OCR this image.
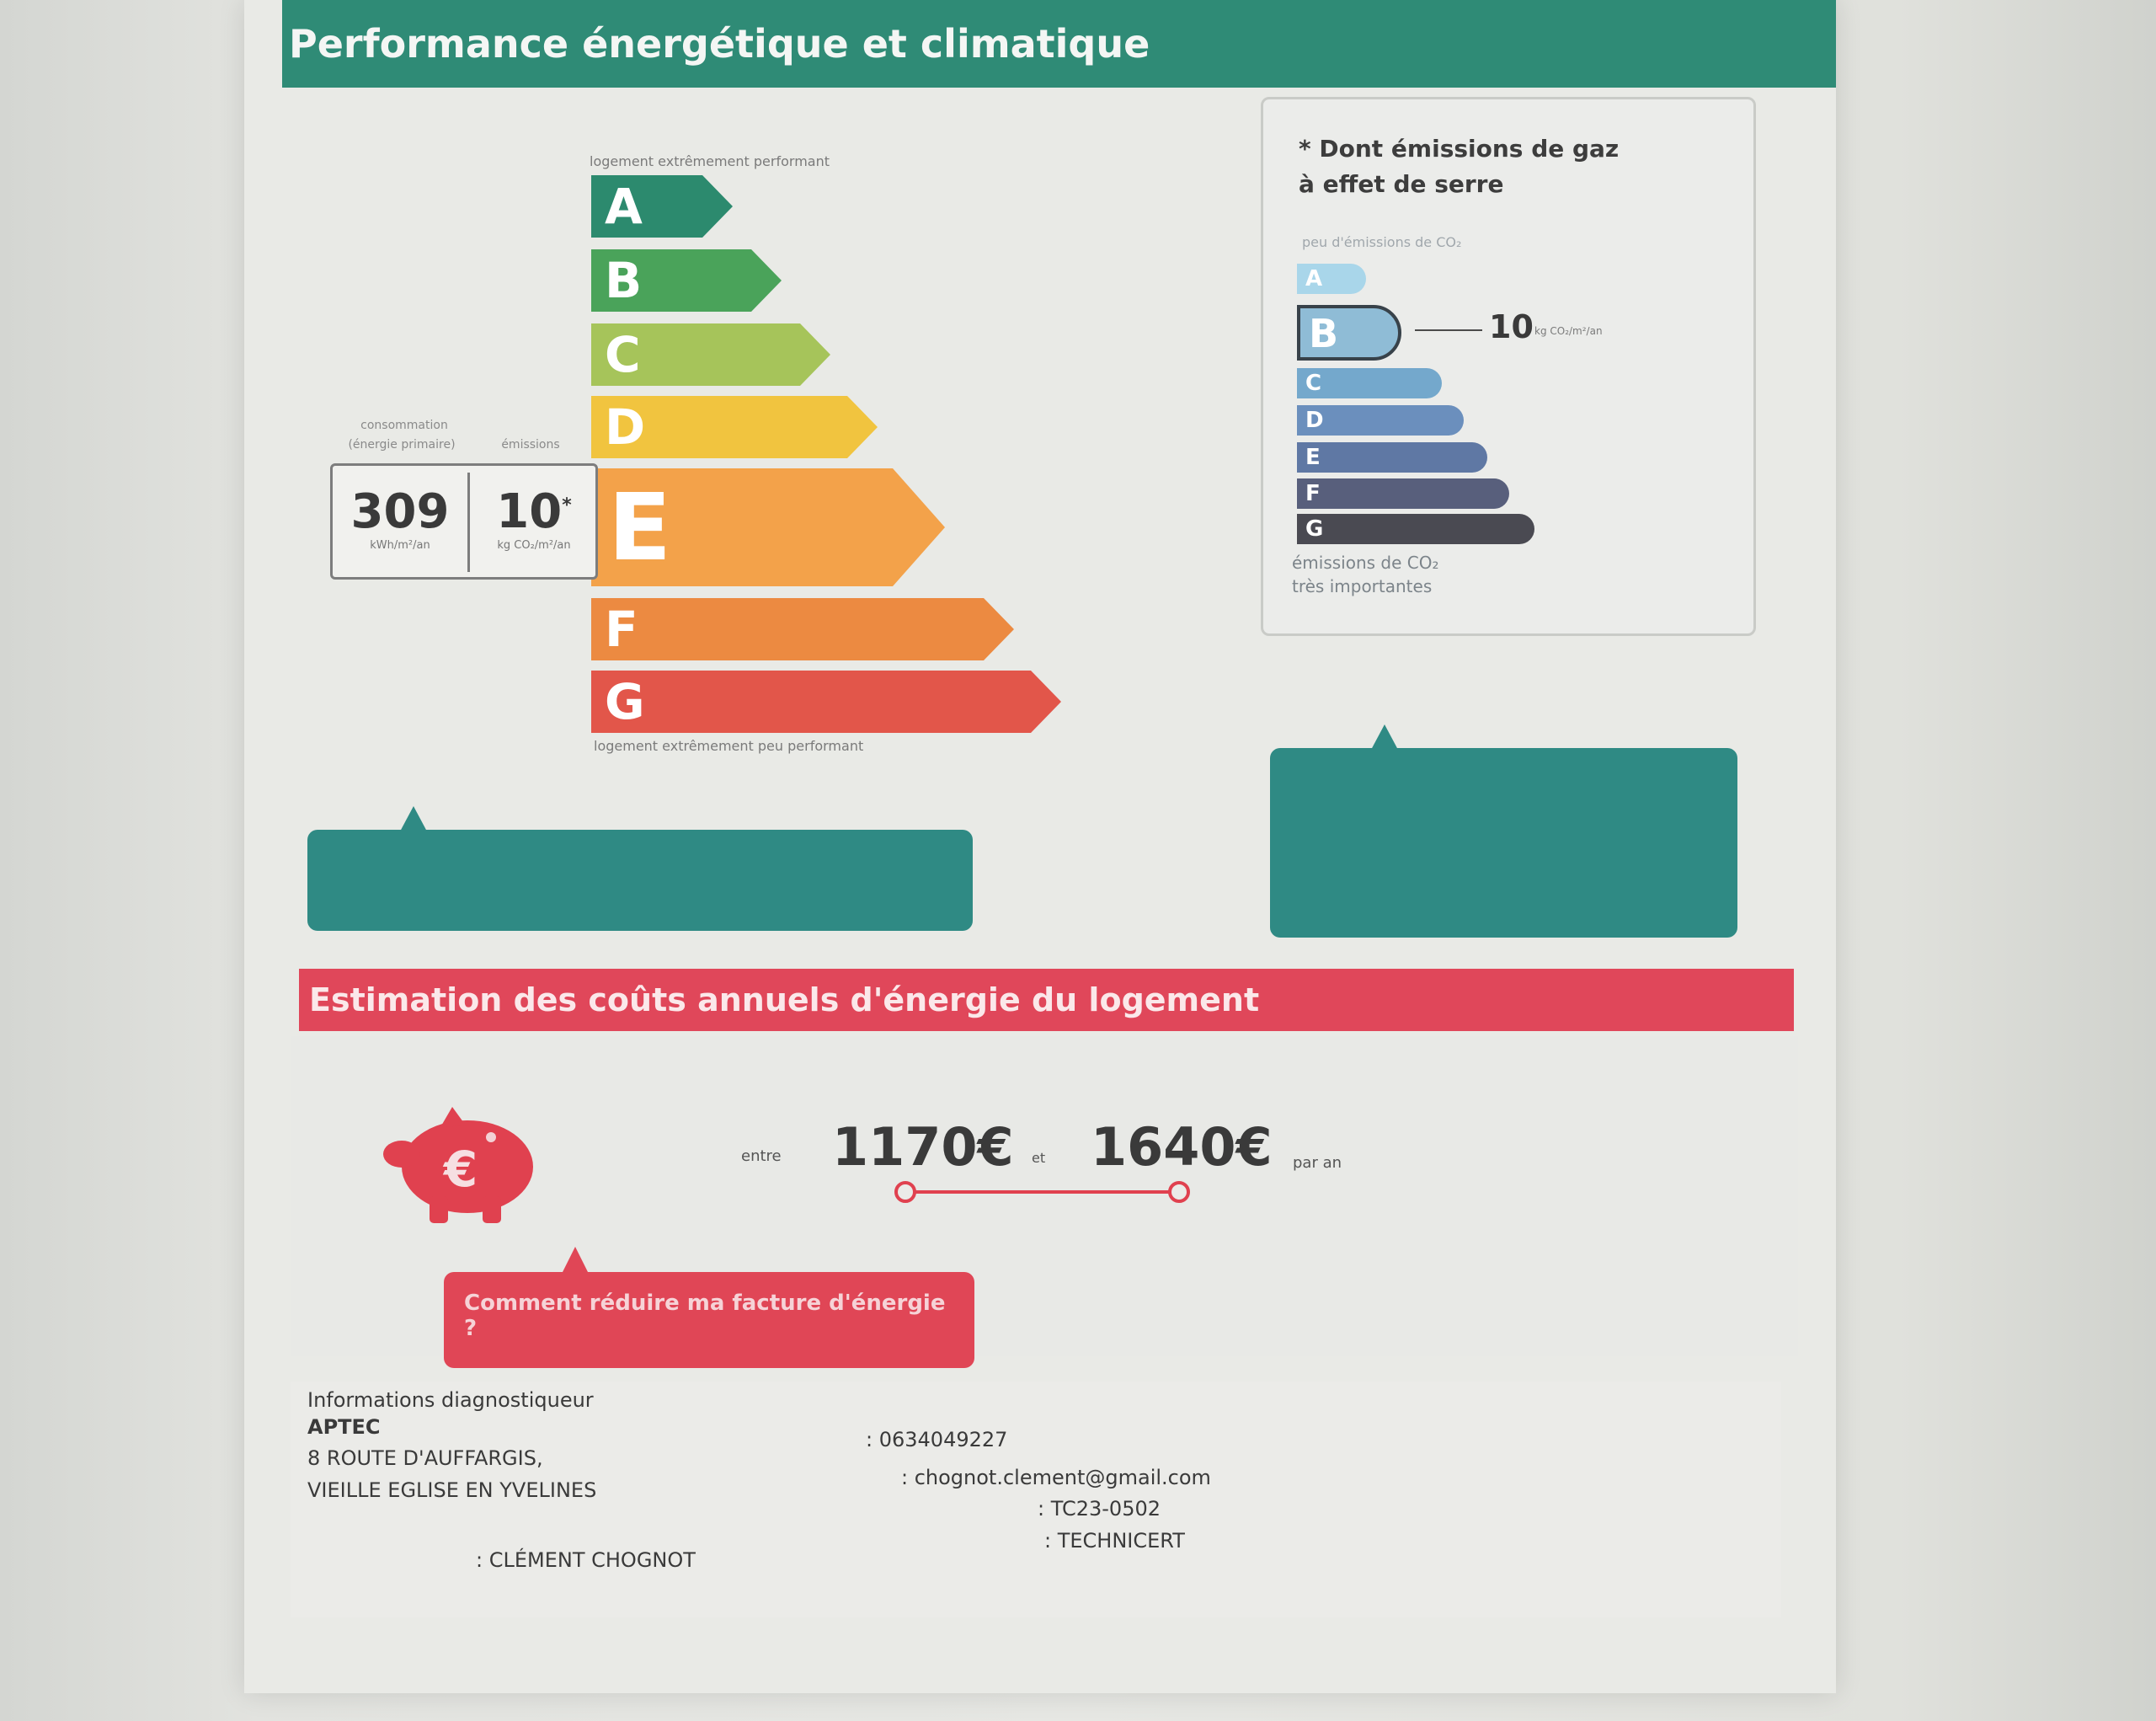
Performance énergétique et climatique
logement extrêmement performant
A
B
C
D
E
F
G
logement extrêmement peu performant
consommation
(énergie primaire)	émissions
309
kWh/m²/an
10*
kg CO₂/m²/an
* Dont émissions de gaz
à effet de serre
peu d'émissions de CO₂
émissions de CO₂
très importantes
A
B
C
D
E
F
G
10 kg CO₂/m²/an
Estimation des coûts annuels d'énergie du logement
€	entre 1170€ et 1640€ par an
Comment réduire ma facture d'énergie ?
Informations diagnostiqueur
APTEC
8 ROUTE D'AUFFARGIS,
VIEILLE EGLISE EN YVELINES
: CLÉMENT CHOGNOT
: 0634049227
: chognot.clement@gmail.com
: TC23-0502
: TECHNICERT
